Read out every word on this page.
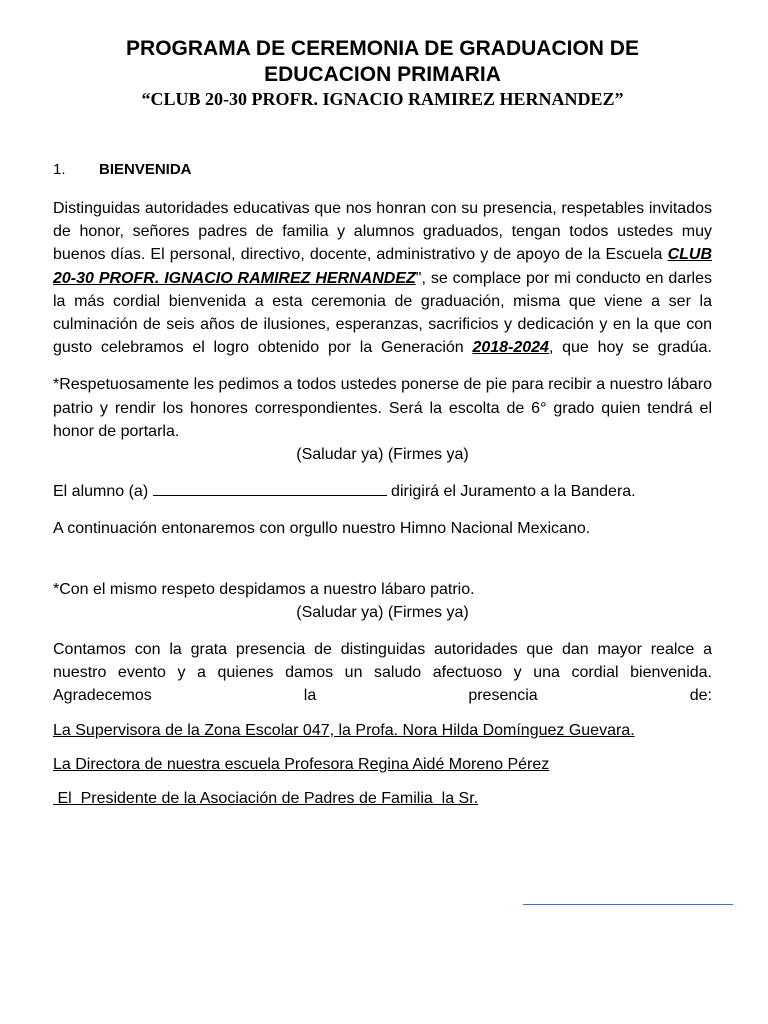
PROGRAMA DE CEREMONIA DE GRADUACION DE
EDUCACION PRIMARIA

“CLUB 20-30 PROFR. IGNACIO RAMIREZ HERNANDEZ”

1.	BIENVENIDA

Distinguidas autoridades educativas que nos honran con su presencia, respetables invitados de honor, señores padres de familia y alumnos graduados, tengan todos ustedes muy buenos días. El personal, directivo, docente, administrativo y de apoyo de la Escuela CLUB 20-30 PROFR. IGNACIO RAMIREZ HERNANDEZ", se complace por mi conducto en darles la más cordial bienvenida a esta ceremonia de graduación, misma que viene a ser la culminación de seis años de ilusiones, esperanzas, sacrificios y dedicación y en la que con gusto celebramos el logro obtenido por la Generación 2018-2024, que hoy se gradúa.

*Respetuosamente les pedimos a todos ustedes ponerse de pie para recibir a nuestro lábaro patrio y rendir los honores correspondientes. Será la escolta de 6° grado quien tendrá el honor de portarla.

(Saludar ya) (Firmes ya)

El alumno (a)	dirigirá el Juramento a la Bandera.

A continuación entonaremos con orgullo nuestro Himno Nacional Mexicano.

*Con el mismo respeto despidamos a nuestro lábaro patrio.

(Saludar ya) (Firmes ya)

Contamos con la grata presencia de distinguidas autoridades que dan mayor realce a nuestro evento y a quienes damos un saludo afectuoso y una cordial bienvenida. Agradecemos la presencia de:

La Supervisora de la Zona Escolar 047, la Profa. Nora Hilda Domínguez Guevara.

La Directora de nuestra escuela Profesora Regina Aidé Moreno Pérez

El  Presidente de la Asociación de Padres de Familia  la Sr.
